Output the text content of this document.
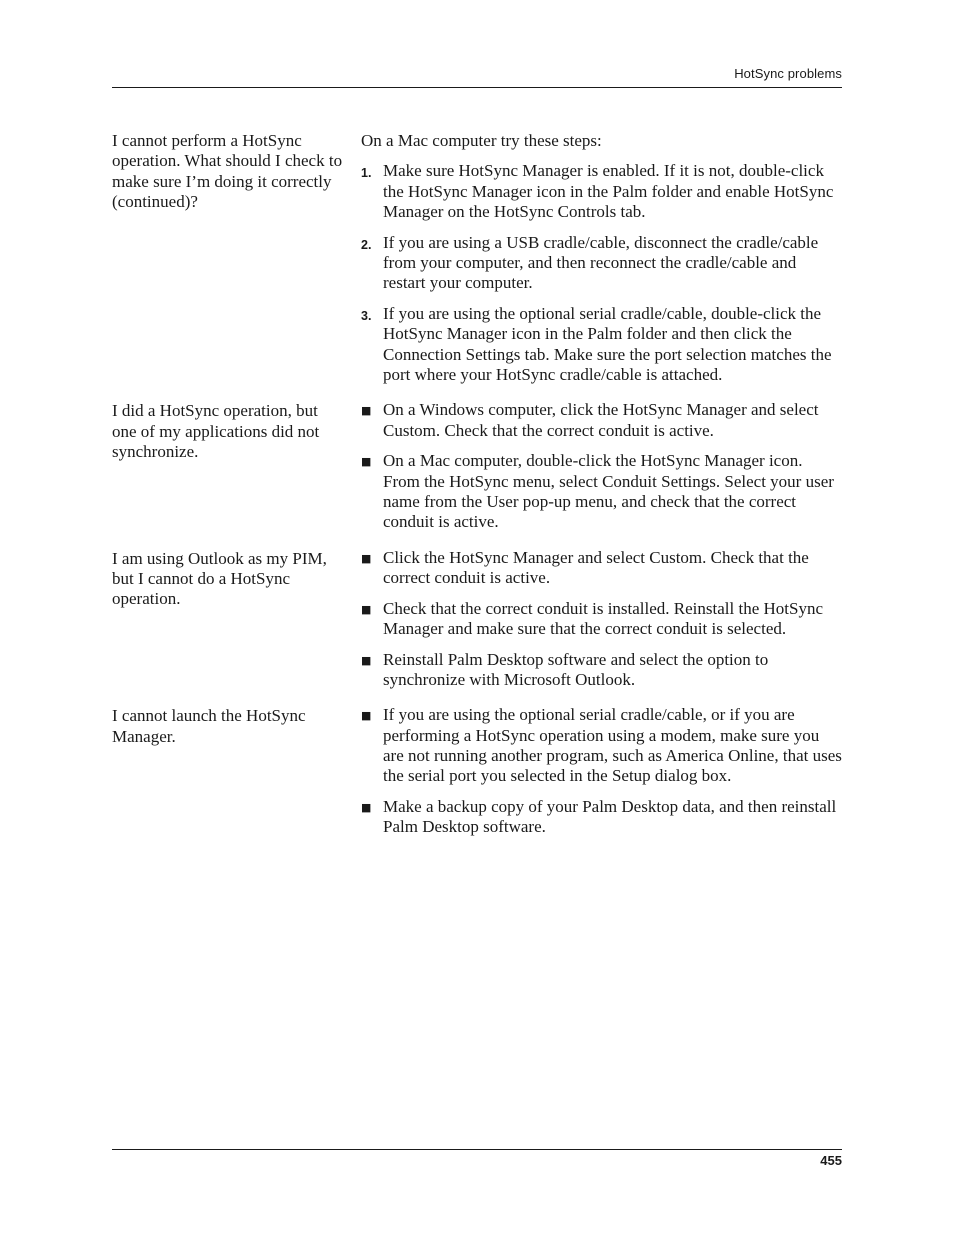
HotSync problems
I cannot perform a HotSync operation. What should I check to make sure I’m doing it correctly (continued)?
On a Mac computer try these steps:
1. Make sure HotSync Manager is enabled. If it is not, double-click the HotSync Manager icon in the Palm folder and enable HotSync Manager on the HotSync Controls tab.
2. If you are using a USB cradle/cable, disconnect the cradle/cable from your computer, and then reconnect the cradle/cable and restart your computer.
3. If you are using the optional serial cradle/cable, double-click the HotSync Manager icon in the Palm folder and then click the Connection Settings tab. Make sure the port selection matches the port where your HotSync cradle/cable is attached.
I did a HotSync operation, but one of my applications did not synchronize.
■ On a Windows computer, click the HotSync Manager and select Custom. Check that the correct conduit is active.
■ On a Mac computer, double-click the HotSync Manager icon. From the HotSync menu, select Conduit Settings. Select your user name from the User pop-up menu, and check that the correct conduit is active.
I am using Outlook as my PIM, but I cannot do a HotSync operation.
■ Click the HotSync Manager and select Custom. Check that the correct conduit is active.
■ Check that the correct conduit is installed. Reinstall the HotSync Manager and make sure that the correct conduit is selected.
■ Reinstall Palm Desktop software and select the option to synchronize with Microsoft Outlook.
I cannot launch the HotSync Manager.
■ If you are using the optional serial cradle/cable, or if you are performing a HotSync operation using a modem, make sure you are not running another program, such as America Online, that uses the serial port you selected in the Setup dialog box.
■ Make a backup copy of your Palm Desktop data, and then reinstall Palm Desktop software.
455
